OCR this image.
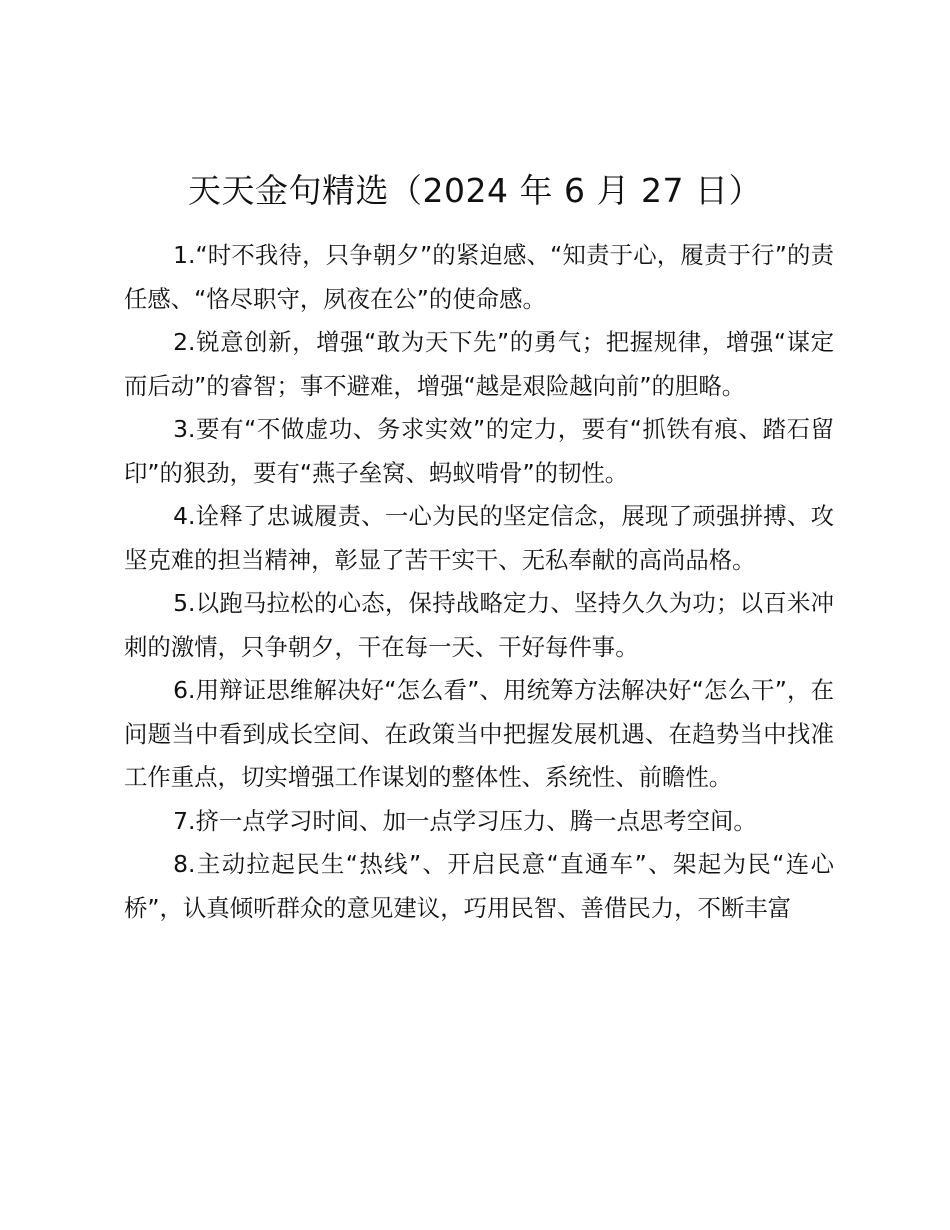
天天金句精选（2024 年 6 月 27 日）

1.“时不我待，只争朝夕”的紧迫感、“知责于心，履责于行”的责任感、“恪尽职守，夙夜在公”的使命感。

2.锐意创新，增强“敢为天下先”的勇气；把握规律，增强“谋定而后动”的睿智；事不避难，增强“越是艰险越向前”的胆略。

3.要有“不做虚功、务求实效”的定力，要有“抓铁有痕、踏石留印”的狠劲，要有“燕子垒窝、蚂蚁啃骨”的韧性。

4.诠释了忠诚履责、一心为民的坚定信念，展现了顽强拼搏、攻坚克难的担当精神，彰显了苦干实干、无私奉献的高尚品格。

5.以跑马拉松的心态，保持战略定力、坚持久久为功；以百米冲刺的激情，只争朝夕，干在每一天、干好每件事。

6.用辩证思维解决好“怎么看”、用统筹方法解决好“怎么干”，在问题当中看到成长空间、在政策当中把握发展机遇、在趋势当中找准工作重点，切实增强工作谋划的整体性、系统性、前瞻性。

7.挤一点学习时间、加一点学习压力、腾一点思考空间。

8.主动拉起民生“热线”、开启民意“直通车”、架起为民“连心桥”，认真倾听群众的意见建议，巧用民智、善借民力，不断丰富
